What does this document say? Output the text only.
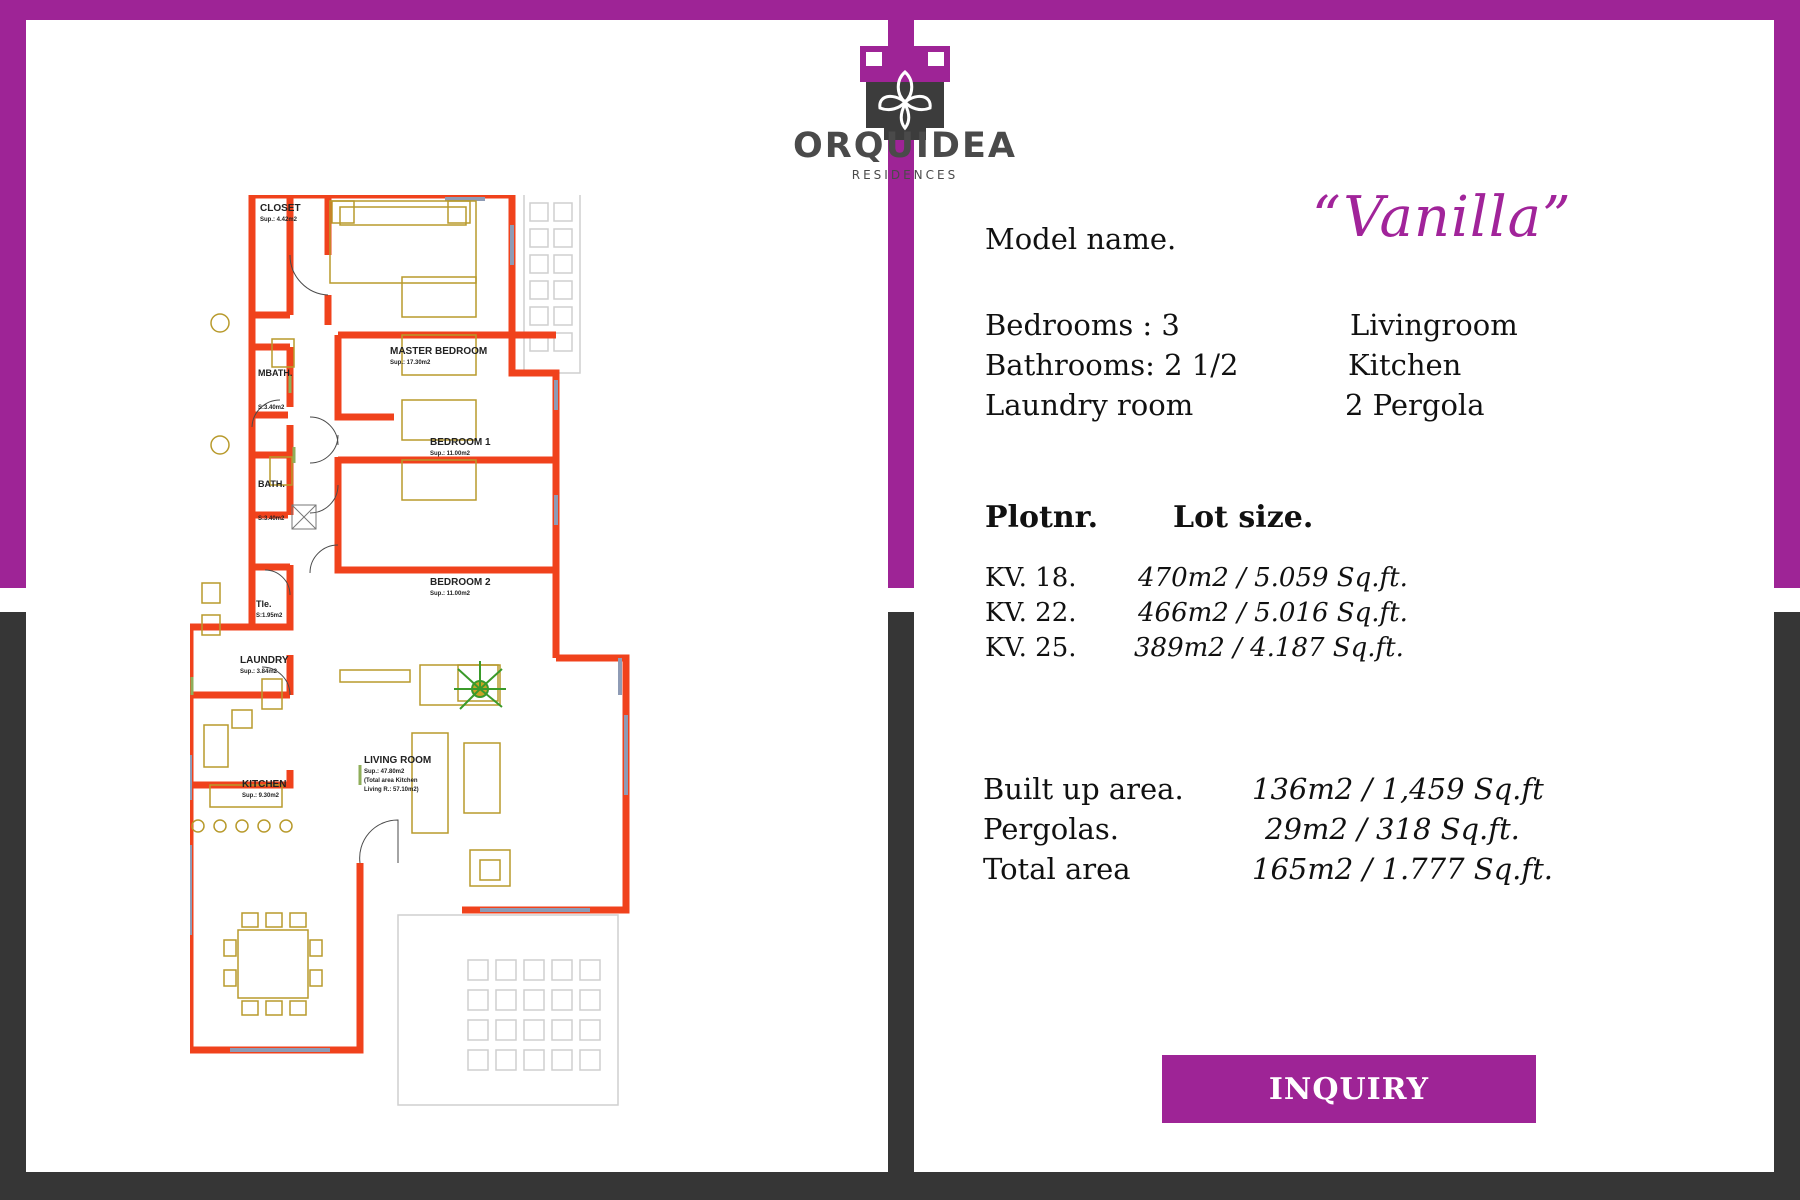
ORQUIDEA
RESIDENCES
Model name. “Vanilla”
Bedrooms : 3
Bathrooms: 2 1/2
Laundry room
Livingroom
Kitchen
2 Pergola
Plotnr. Lot size.
KV. 18. 470m2 / 5.059 Sq.ft.
KV. 22. 466m2 / 5.016 Sq.ft.
KV. 25. 389m2 / 4.187 Sq.ft.
Built up area. 136m2 / 1,459 Sq.ft
Pergolas.	29m2 / 318 Sq.ft.
Total area	165m2 / 1.777 Sq.ft.
INQUIRY
CLOSET
Sup.: 4.42m2
MASTER BEDROOM
Sup.: 17.30m2
MBATH.
S:3.40m2
BEDROOM 1
Sup.: 11.00m2
BATH.
S:3.40m2
BEDROOM 2
Sup.: 11.00m2
Tle.
S:1.95m2
LAUNDRY
Sup.: 3.84m2
KITCHEN
Sup.: 9.30m2
LIVING ROOM
Sup.: 47.80m2
(Total area Kitchen
Living R.: 57.10m2)
